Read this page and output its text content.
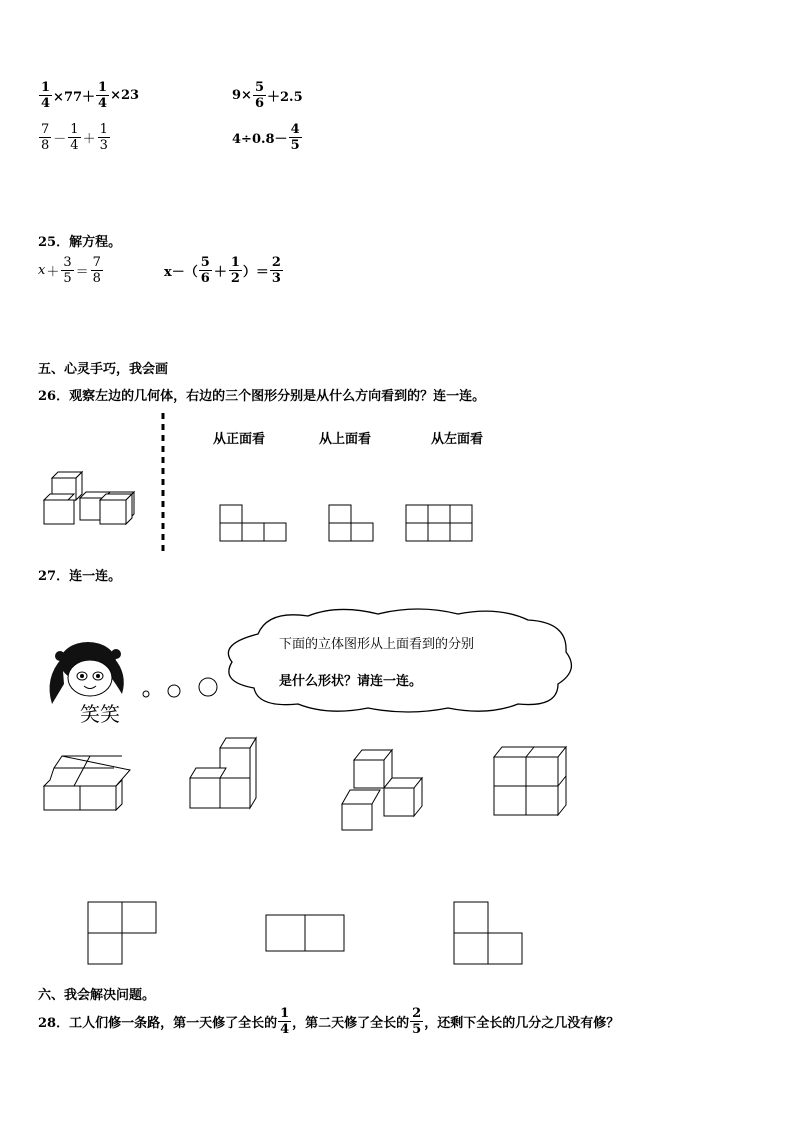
$\frac{1}{4} \times 77+ \frac{1}{4} \times 23$	$9\times \frac{5}{6} +2.5$
$\frac{7}{8} - \frac{1}{4} + \frac{1}{3}$	$4\div 0.8- \frac{4}{5}$
25．解方程。
$x + \frac{3}{5} = \frac{7}{8}$	$x-( \frac{5}{6} + \frac{1}{2}$ ）＝ $\frac{2}{3}$
五、心灵手巧，我会画
26．观察左边的几何体，右边的三个图形分别是从什么方向看到的？连一连。
从正面看	从上面看	从左面看
27．连一连。
笑笑
下面的立体图形从上面看到的分别
是什么形状？请连一连。
六、我会解决问题。
28．工人们修一条路，第一天修了全长的 $\frac{1}{4}$ ，第二天修了全长的 $\frac{2}{5}$ ，还剩下全长的几分之几没有修？
